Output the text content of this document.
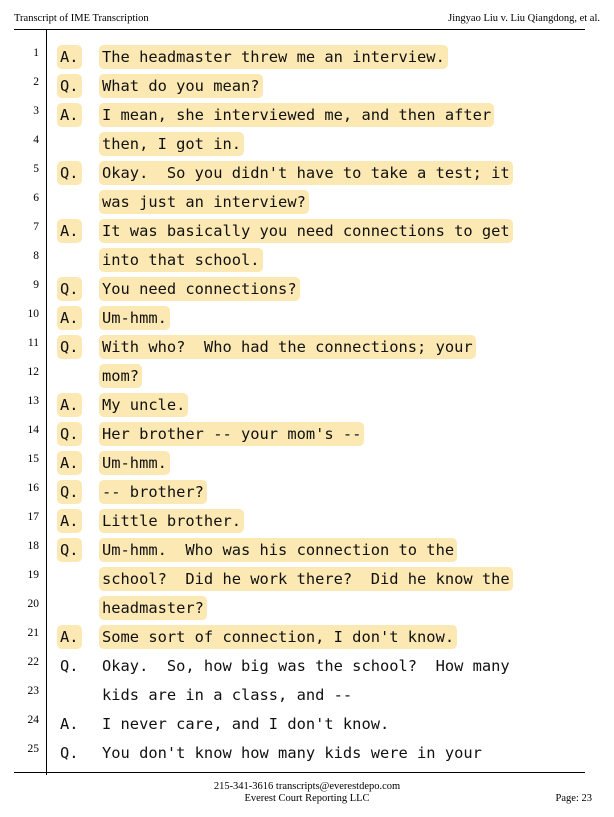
Transcript of IME Transcription	Jingyao Liu v. Liu Qiangdong, et al.
1 A. The headmaster threw me an interview.
2 Q. What do you mean?
3 A. I mean, she interviewed me, and then after
4	then, I got in.
5 Q. Okay.  So you didn't have to take a test; it
6	was just an interview?
7 A. It was basically you need connections to get
8	into that school.
9 Q. You need connections?
10 A. Um-hmm.
11 Q. With who?  Who had the connections; your
12	mom?
13 A. My uncle.
14 Q. Her brother -- your mom's --
15 A. Um-hmm.
16 Q. -- brother?
17 A. Little brother.
18 Q. Um-hmm.  Who was his connection to the
19	school?  Did he work there?  Did he know the
20	headmaster?
21 A. Some sort of connection, I don't know.
22 Q. Okay.  So, how big was the school?  How many
23	kids are in a class, and --
24 A. I never care, and I don't know.
25 Q. You don't know how many kids were in your
215-341-3616 transcripts@everestdepo.com
Everest Court Reporting LLC	Page: 23
